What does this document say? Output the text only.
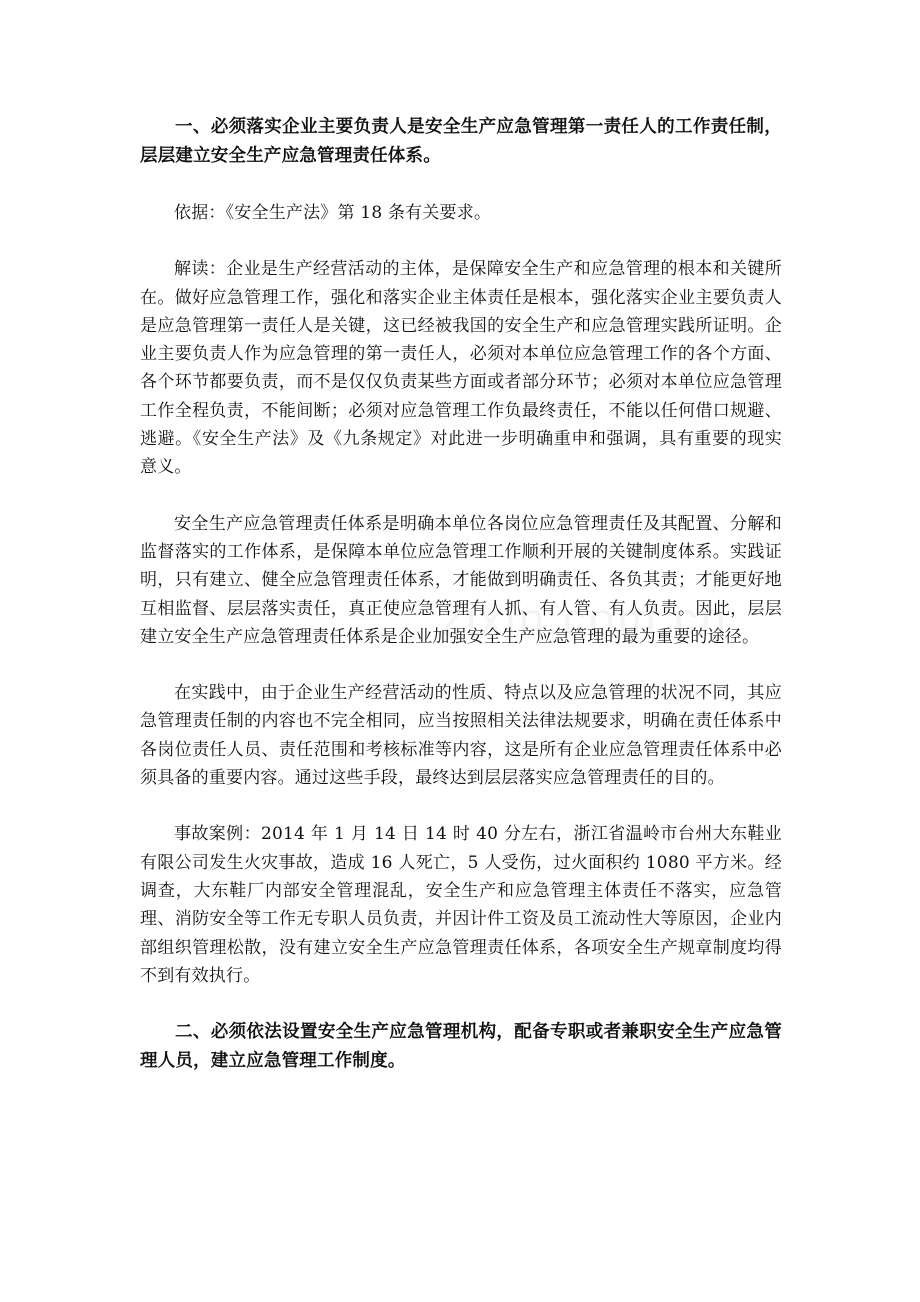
一、必须落实企业主要负责人是安全生产应急管理第一责任人的工作责任制，层层建立安全生产应急管理责任体系。

依据：《安全生产法》第 18 条有关要求。

解读：企业是生产经营活动的主体，是保障安全生产和应急管理的根本和关键所在。做好应急管理工作，强化和落实企业主体责任是根本，强化落实企业主要负责人是应急管理第一责任人是关键，这已经被我国的安全生产和应急管理实践所证明。企业主要负责人作为应急管理的第一责任人，必须对本单位应急管理工作的各个方面、各个环节都要负责，而不是仅仅负责某些方面或者部分环节；必须对本单位应急管理工作全程负责，不能间断；必须对应急管理工作负最终责任，不能以任何借口规避、逃避。《安全生产法》及《九条规定》对此进一步明确重申和强调，具有重要的现实意义。

安全生产应急管理责任体系是明确本单位各岗位应急管理责任及其配置、分解和监督落实的工作体系，是保障本单位应急管理工作顺利开展的关键制度体系。实践证明，只有建立、健全应急管理责任体系，才能做到明确责任、各负其责；才能更好地互相监督、层层落实责任，真正使应急管理有人抓、有人管、有人负责。因此，层层建立安全生产应急管理责任体系是企业加强安全生产应急管理的最为重要的途径。

在实践中，由于企业生产经营活动的性质、特点以及应急管理的状况不同，其应急管理责任制的内容也不完全相同，应当按照相关法律法规要求，明确在责任体系中各岗位责任人员、责任范围和考核标准等内容，这是所有企业应急管理责任体系中必须具备的重要内容。通过这些手段，最终达到层层落实应急管理责任的目的。

事故案例：2014 年 1 月 14 日 14 时 40 分左右，浙江省温岭市台州大东鞋业有限公司发生火灾事故，造成 16 人死亡，5 人受伤，过火面积约 1080 平方米。经调查，大东鞋厂内部安全管理混乱，安全生产和应急管理主体责任不落实，应急管理、消防安全等工作无专职人员负责，并因计件工资及员工流动性大等原因，企业内部组织管理松散，没有建立安全生产应急管理责任体系，各项安全生产规章制度均得不到有效执行。

二、必须依法设置安全生产应急管理机构，配备专职或者兼职安全生产应急管理人员，建立应急管理工作制度。
